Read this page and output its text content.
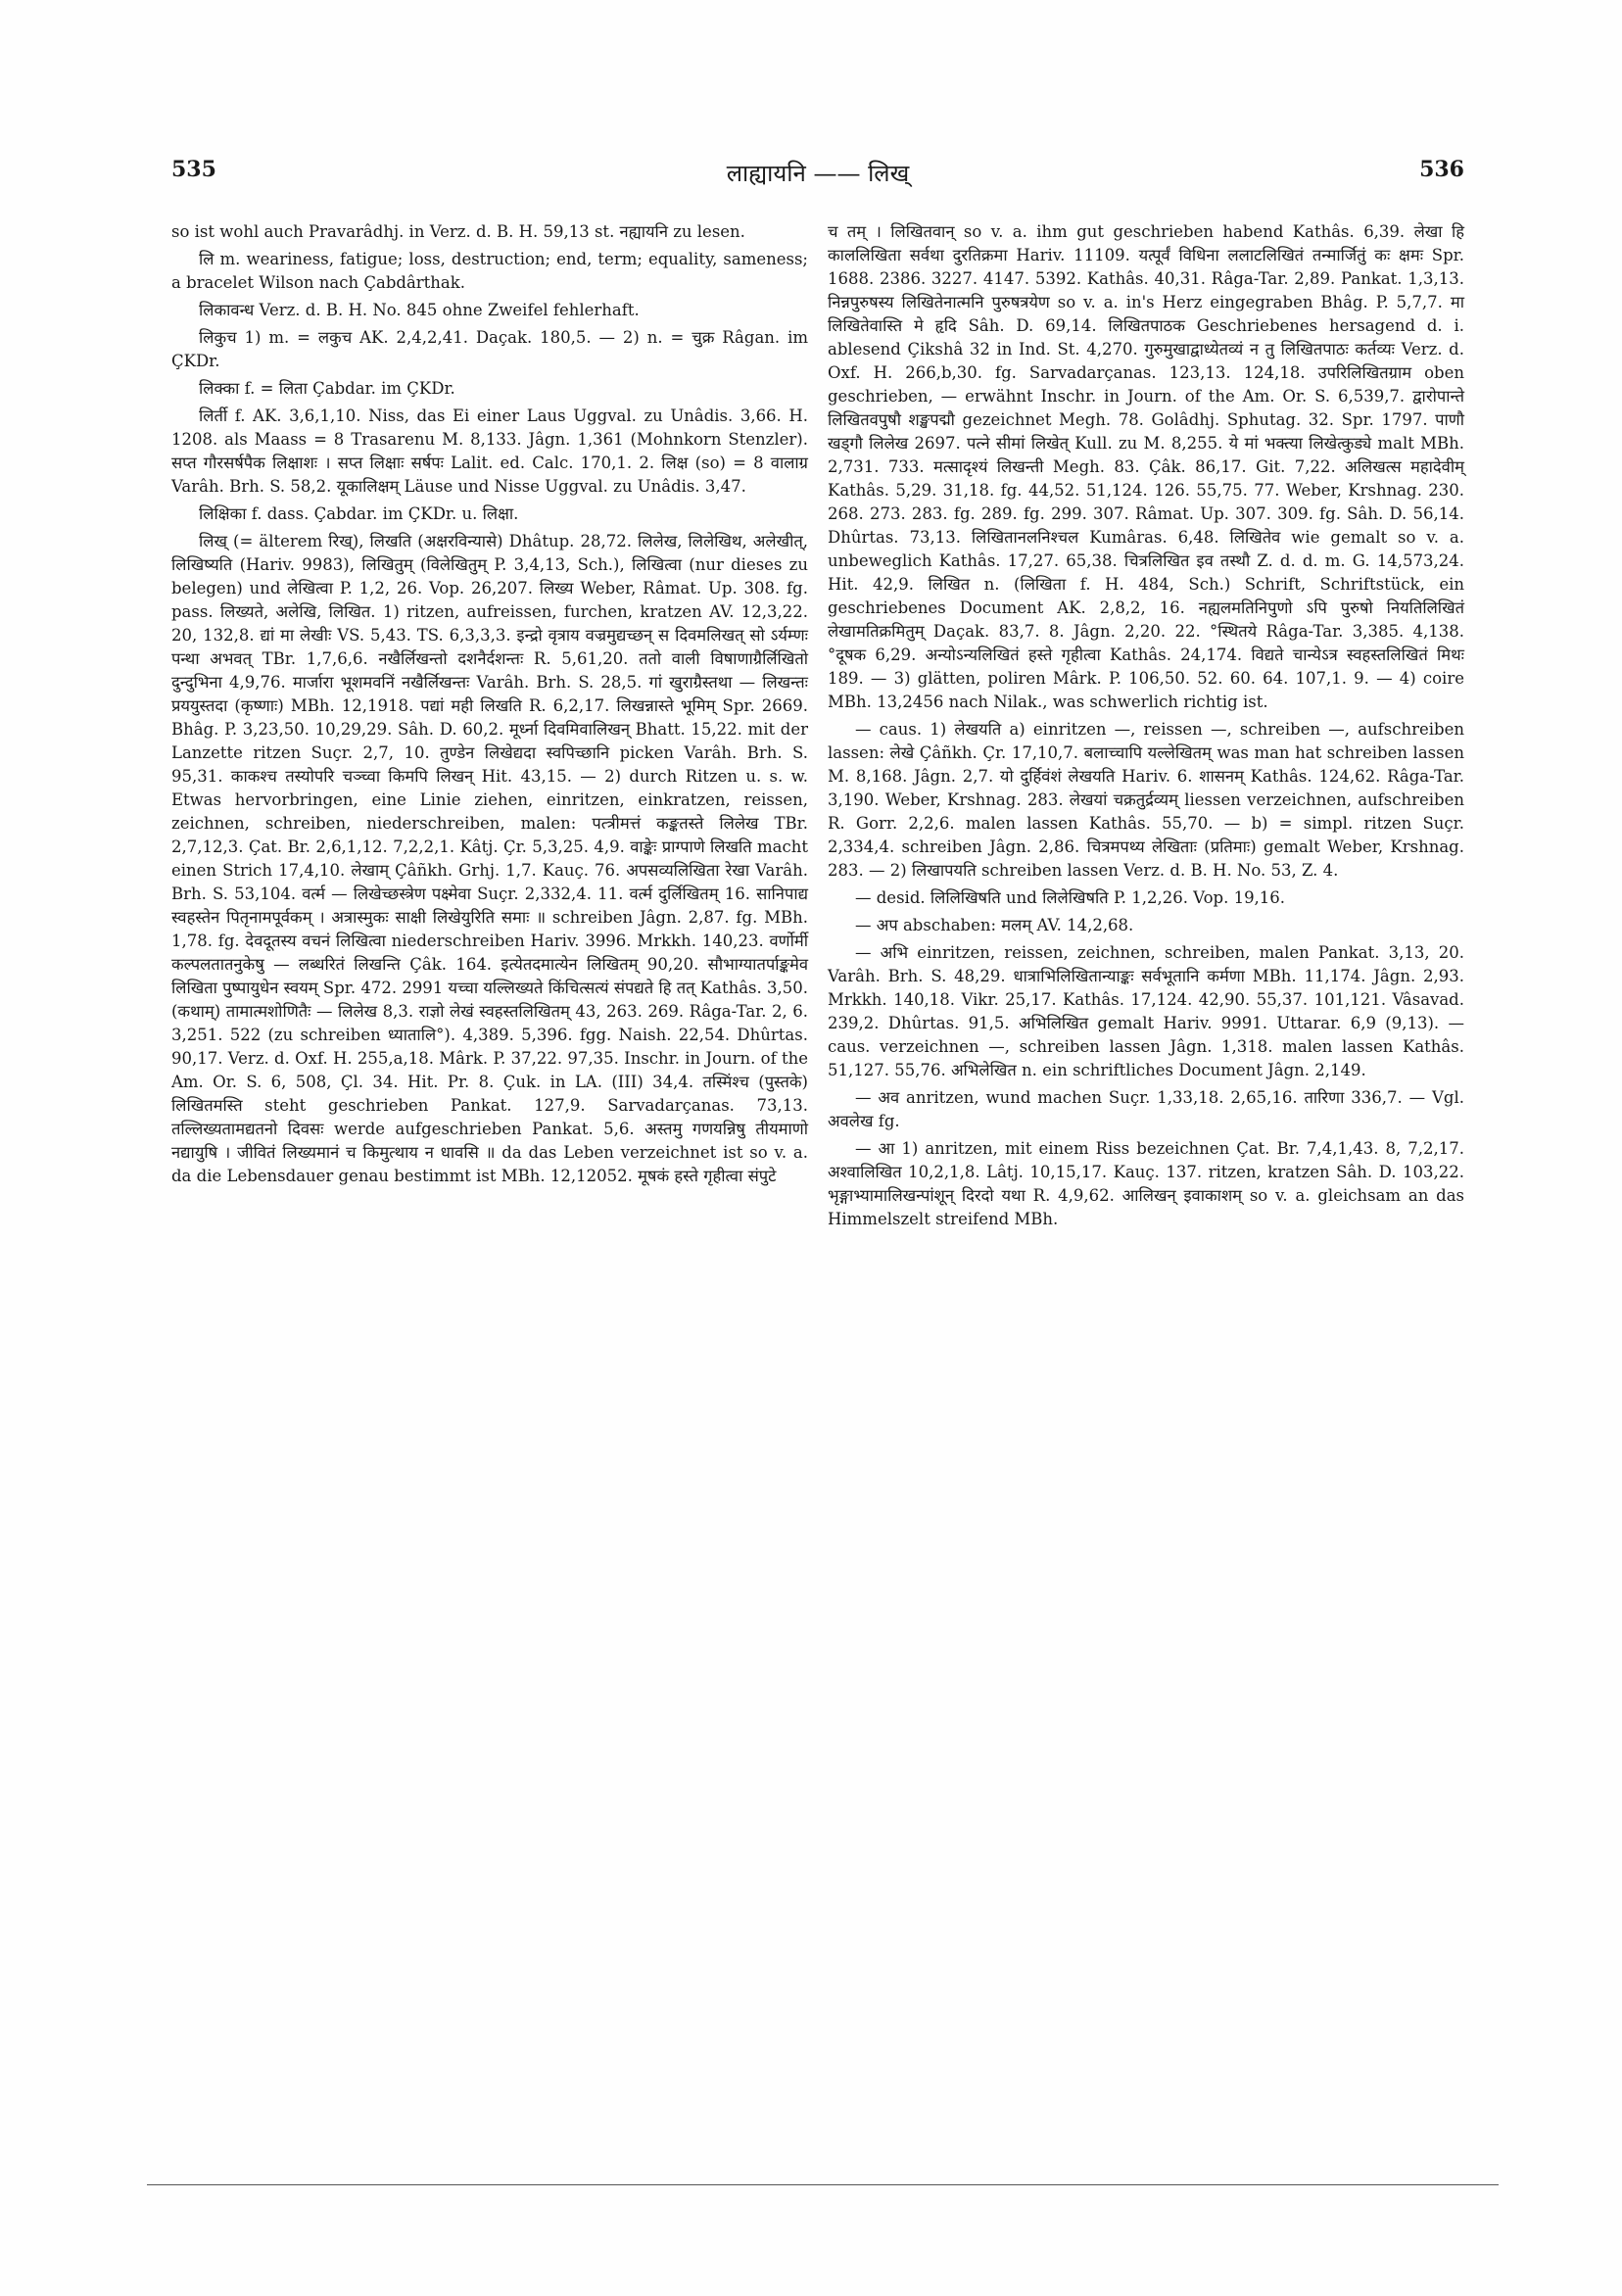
535	लाह्यायनि —— लिख्	536

so ist wohl auch Pravarâdhj. in Verz. d. B. H. 59,13 st. नह्यायनि zu lesen.

लि m. weariness, fatigue; loss, destruction; end, term; equality, sameness; a bracelet Wilson nach Çabdârthak.

लिकावन्ध Verz. d. B. H. No. 845 ohne Zweifel fehlerhaft.

लिकुच 1) m. = लकुच AK. 2,4,2,41. Daçak. 180,5. — 2) n. = चुक्र Râgan. im ÇKDr.

लिक्का f. = लिता Çabdar. im ÇKDr.

लिर्ती f. AK. 3,6,1,10. Niss, das Ei einer Laus Uggval. zu Unâdis. 3,66. H. 1208. als Maass = 8 Trasarenu M. 8,133. Jâgn. 1,361 (Mohnkorn Stenzler). सप्त गौरसर्षपैक लिक्षाशः । सप्त लिक्षाः सर्षपः Lalit. ed. Calc. 170,1. 2. लिक्ष (so) = 8 वालाग्र Varâh. Brh. S. 58,2. यूकालिक्षम् Läuse und Nisse Uggval. zu Unâdis. 3,47.

लिक्षिका f. dass. Çabdar. im ÇKDr. u. लिक्षा.

लिख् (= älterem रिख्), लिखति (अक्षरविन्यासे) Dhâtup. 28,72. लिलेख, लिलेखिथ, अलेखीत्, लिखिष्यति (Hariv. 9983), लिखितुम् (विलेखितुम् P. 3,4,13, Sch.), लिखित्वा (nur dieses zu belegen) und लेखित्वा P. 1,2, 26. Vop. 26,207. लिख्य Weber, Râmat. Up. 308. fg. pass. लिख्यते, अलेखि, लिखित. 1) ritzen, aufreissen, furchen, kratzen AV. 12,3,22. 20, 132,8. द्यां मा लेखीः VS. 5,43. TS. 6,3,3,3. इन्द्रो वृत्राय वज्रमुद्यच्छन् स दिवमलिखत् सो ऽर्यम्णः पन्था अभवत् TBr. 1,7,6,6. नखैर्लिखन्तो दशनैर्दशन्तः R. 5,61,20. ततो वाली विषाणाग्रैर्लिखितो दुन्दुभिना 4,9,76. मार्जारा भूशमवनिं नखैर्लिखन्तः Varâh. Brh. S. 28,5. गां खुराग्रैस्तथा — लिखन्तः प्रययुस्तदा (कृष्णाः) MBh. 12,1918. पद्यां मही लिखति R. 6,2,17. लिखन्नास्ते भूमिम् Spr. 2669. Bhâg. P. 3,23,50. 10,29,29. Sâh. D. 60,2. मूर्ध्ना दिवमिवालिखन् Bhatt. 15,22. mit der Lanzette ritzen Suçr. 2,7, 10. तुण्डेन लिखेद्यदा स्वपिच्छानि picken Varâh. Brh. S. 95,31. काकश्च तस्योपरि चञ्च्वा किमपि लिखन् Hit. 43,15. — 2) durch Ritzen u. s. w. Etwas hervorbringen, eine Linie ziehen, einritzen, einkratzen, reissen, zeichnen, schreiben, niederschreiben, malen: पत्त्रीमत्तं कङ्कतस्ते लिलेख TBr. 2,7,12,3. Çat. Br. 2,6,1,12. 7,2,2,1. Kâtj. Çr. 5,3,25. 4,9. वाङ्केः प्राग्पाणे लिखति macht einen Strich 17,4,10. लेखाम् Çâñkh. Grhj. 1,7. Kauç. 76. अपसव्यलिखिता रेखा Varâh. Brh. S. 53,104. वर्त्म — लिखेच्छस्त्रेण पक्ष्मेवा Suçr. 2,332,4. 11. वर्त्म दुर्लिखितम् 16. सानिपाद्य स्वहस्तेन पितृनामपूर्वकम् । अत्रास्मुकः साक्षी लिखेयुरिति समाः ॥ schreiben Jâgn. 2,87. fg. MBh. 1,78. fg. देवदूतस्य वचनं लिखित्वा niederschreiben Hariv. 3996. Mrkkh. 140,23. वर्णोर्मी कल्पलतातनुकेषु — लब्धरितं लिखन्ति Çâk. 164. इत्येतदमात्येन लिखितम् 90,20. सौभाग्यातर्पाङ्कमेव लिखिता पुष्पायुधेन स्वयम् Spr. 472. 2991 यच्चा यल्लिख्यते किंचित्सत्यं संपद्यते हि तत् Kathâs. 3,50. (कथाम्) तामात्मशोणितैः — लिलेख 8,3. राज्ञो लेखं स्वहस्तलिखितम् 43, 263. 269. Râga-Tar. 2, 6. 3,251. 522 (zu schreiben ध्यातालि°). 4,389. 5,396. fgg. Naish. 22,54. Dhûrtas. 90,17. Verz. d. Oxf. H. 255,a,18. Mârk. P. 37,22. 97,35. Inschr. in Journ. of the Am. Or. S. 6, 508, Çl. 34. Hit. Pr. 8. Çuk. in LA. (III) 34,4. तस्मिंश्च (पुस्तके) लिखितमस्ति steht geschrieben Pankat. 127,9. Sarvadarçanas. 73,13. तल्लिख्यतामद्यतनो दिवसः werde aufgeschrieben Pankat. 5,6. अस्तमु गणयन्निषु तीयमाणो नद्यायुषि । जीवितं लिख्यमानं च किमुत्थाय न धावसि ॥ da das Leben verzeichnet ist so v. a. da die Lebensdauer genau bestimmt ist MBh. 12,12052. मूषकं हस्ते गृहीत्वा संपुटे

च तम् । लिखितवान् so v. a. ihm gut geschrieben habend Kathâs. 6,39. लेखा हि काललिखिता सर्वथा दुरतिक्रमा Hariv. 11109. यत्पूर्वं विधिना ललाटलिखितं तन्मार्जितुं कः क्षमः Spr. 1688. 2386. 3227. 4147. 5392. Kathâs. 40,31. Râga-Tar. 2,89. Pankat. 1,3,13. निन्नपुरुषस्य लिखितेनात्मनि पुरुषत्रयेण so v. a. in's Herz eingegraben Bhâg. P. 5,7,7. मा लिखितेवास्ति मे हृदि Sâh. D. 69,14. लिखितपाठक Geschriebenes hersagend d. i. ablesend Çikshâ 32 in Ind. St. 4,270. गुरुमुखाद्वाध्येतव्यं न तु लिखितपाठः कर्तव्यः Verz. d. Oxf. H. 266,b,30. fg. Sarvadarçanas. 123,13. 124,18. उपरिलिखितग्राम oben geschrieben, — erwähnt Inschr. in Journ. of the Am. Or. S. 6,539,7. द्वारोपान्ते लिखितवपुषौ शङ्खपद्मौ gezeichnet Megh. 78. Golâdhj. Sphutag. 32. Spr. 1797. पाणौ खड्गौ लिलेख 2697. पत्ने सीमां लिखेत् Kull. zu M. 8,255. ये मां भक्त्या लिखेत्कुड्ये malt MBh. 2,731. 733. मत्सादृश्यं लिखन्ती Megh. 83. Çâk. 86,17. Git. 7,22. अलिखत्स महादेवीम् Kathâs. 5,29. 31,18. fg. 44,52. 51,124. 126. 55,75. 77. Weber, Krshnag. 230. 268. 273. 283. fg. 289. fg. 299. 307. Râmat. Up. 307. 309. fg. Sâh. D. 56,14. Dhûrtas. 73,13. लिखितानलनिश्चल Kumâras. 6,48. लिखितेव wie gemalt so v. a. unbeweglich Kathâs. 17,27. 65,38. चित्रलिखित इव तस्थौ Z. d. d. m. G. 14,573,24. Hit. 42,9. लिखित n. (लिखिता f. H. 484, Sch.) Schrift, Schriftstück, ein geschriebenes Document AK. 2,8,2, 16. नह्यलमतिनिपुणो ऽपि पुरुषो नियतिलिखितं लेखामतिक्रमितुम् Daçak. 83,7. 8. Jâgn. 2,20. 22. °स्थितये Râga-Tar. 3,385. 4,138. °दूषक 6,29. अन्योऽन्यलिखितं हस्ते गृहीत्वा Kathâs. 24,174. विद्यते चान्येऽत्र स्वहस्तलिखितं मिथः 189. — 3) glätten, poliren Mârk. P. 106,50. 52. 60. 64. 107,1. 9. — 4) coire MBh. 13,2456 nach Nilak., was schwerlich richtig ist.

— caus. 1) लेखयति a) einritzen —, reissen —, schreiben —, aufschreiben lassen: लेखे Çâñkh. Çr. 17,10,7. बलाच्चापि यल्लेखितम् was man hat schreiben lassen M. 8,168. Jâgn. 2,7. यो दुर्हिवंशं लेखयति Hariv. 6. शासनम् Kathâs. 124,62. Râga-Tar. 3,190. Weber, Krshnag. 283. लेखयां चक्रतुर्द्रव्यम् liessen verzeichnen, aufschreiben R. Gorr. 2,2,6. malen lassen Kathâs. 55,70. — b) = simpl. ritzen Suçr. 2,334,4. schreiben Jâgn. 2,86. चित्रमपथ्य लेखिताः (प्रतिमाः) gemalt Weber, Krshnag. 283. — 2) लिखापयति schreiben lassen Verz. d. B. H. No. 53, Z. 4.

— desid. लिलिखिषति und लिलेखिषति P. 1,2,26. Vop. 19,16.

— अप abschaben: मलम् AV. 14,2,68.

— अभि einritzen, reissen, zeichnen, schreiben, malen Pankat. 3,13, 20. Varâh. Brh. S. 48,29. धात्राभिलिखितान्याङ्कः सर्वभूतानि कर्मणा MBh. 11,174. Jâgn. 2,93. Mrkkh. 140,18. Vikr. 25,17. Kathâs. 17,124. 42,90. 55,37. 101,121. Vâsavad. 239,2. Dhûrtas. 91,5. अभिलिखित gemalt Hariv. 9991. Uttarar. 6,9 (9,13). — caus. verzeichnen —, schreiben lassen Jâgn. 1,318. malen lassen Kathâs. 51,127. 55,76. अभिलेखित n. ein schriftliches Document Jâgn. 2,149.

— अव anritzen, wund machen Suçr. 1,33,18. 2,65,16. तारिणा 336,7. — Vgl. अवलेख fg.

— आ 1) anritzen, mit einem Riss bezeichnen Çat. Br. 7,4,1,43. 8, 7,2,17. अश्वालिखित 10,2,1,8. Lâtj. 10,15,17. Kauç. 137. ritzen, kratzen Sâh. D. 103,22. भृङ्गाभ्यामालिखन्पांशून् दिरदो यथा R. 4,9,62. आलिखन् इवाकाशम् so v. a. gleichsam an das Himmelszelt streifend MBh.
